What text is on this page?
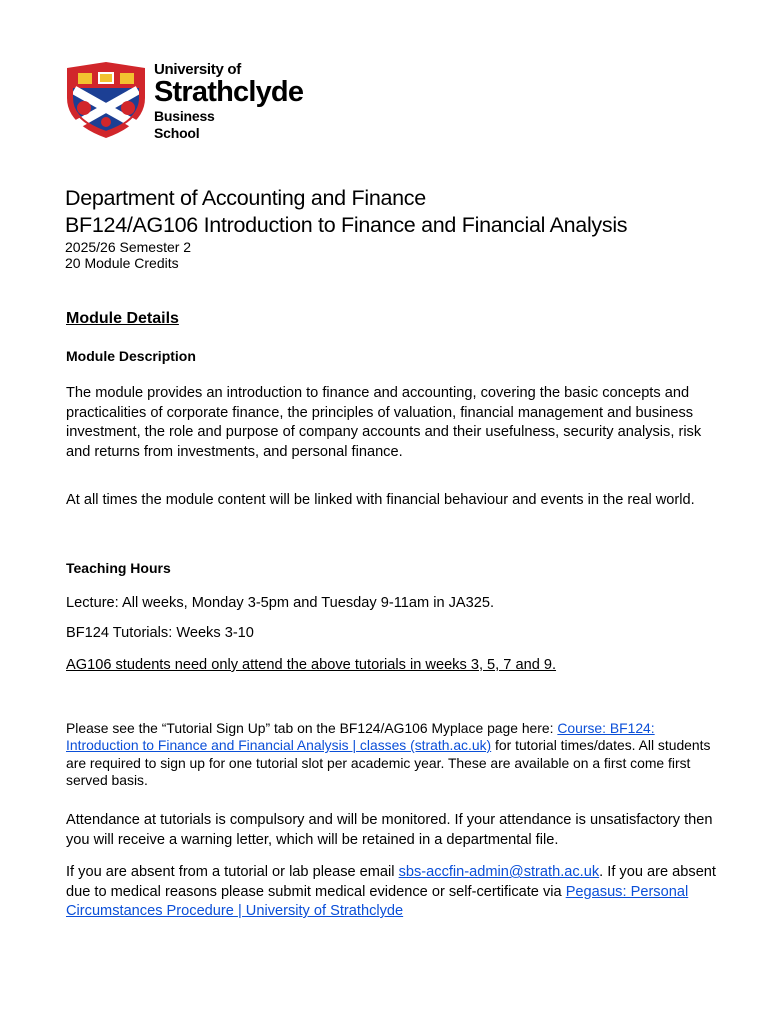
University of
Strathclyde
Business
School
Department of Accounting and Finance
BF124/AG106 Introduction to Finance and Financial Analysis
2025/26 Semester 2
20 Module Credits
Module Details
Module Description
The module provides an introduction to finance and accounting, covering the basic concepts and practicalities of corporate finance, the principles of valuation, financial management and business investment, the role and purpose of company accounts and their usefulness, security analysis, risk and returns from investments, and personal finance.
At all times the module content will be linked with financial behaviour and events in the real world.
Teaching Hours
Lecture: All weeks, Monday 3-5pm and Tuesday 9-11am in JA325.
BF124 Tutorials: Weeks 3-10
AG106 students need only attend the above tutorials in weeks 3, 5, 7 and 9.
Please see the “Tutorial Sign Up” tab on the BF124/AG106 Myplace page here: Course: BF124: Introduction to Finance and Financial Analysis | classes (strath.ac.uk) for tutorial times/dates. All students are required to sign up for one tutorial slot per academic year. These are available on a first come first served basis.
Attendance at tutorials is compulsory and will be monitored. If your attendance is unsatisfactory then you will receive a warning letter, which will be retained in a departmental file.
If you are absent from a tutorial or lab please email sbs-accfin-admin@strath.ac.uk. If you are absent due to medical reasons please submit medical evidence or self-certificate via Pegasus: Personal Circumstances Procedure | University of Strathclyde
